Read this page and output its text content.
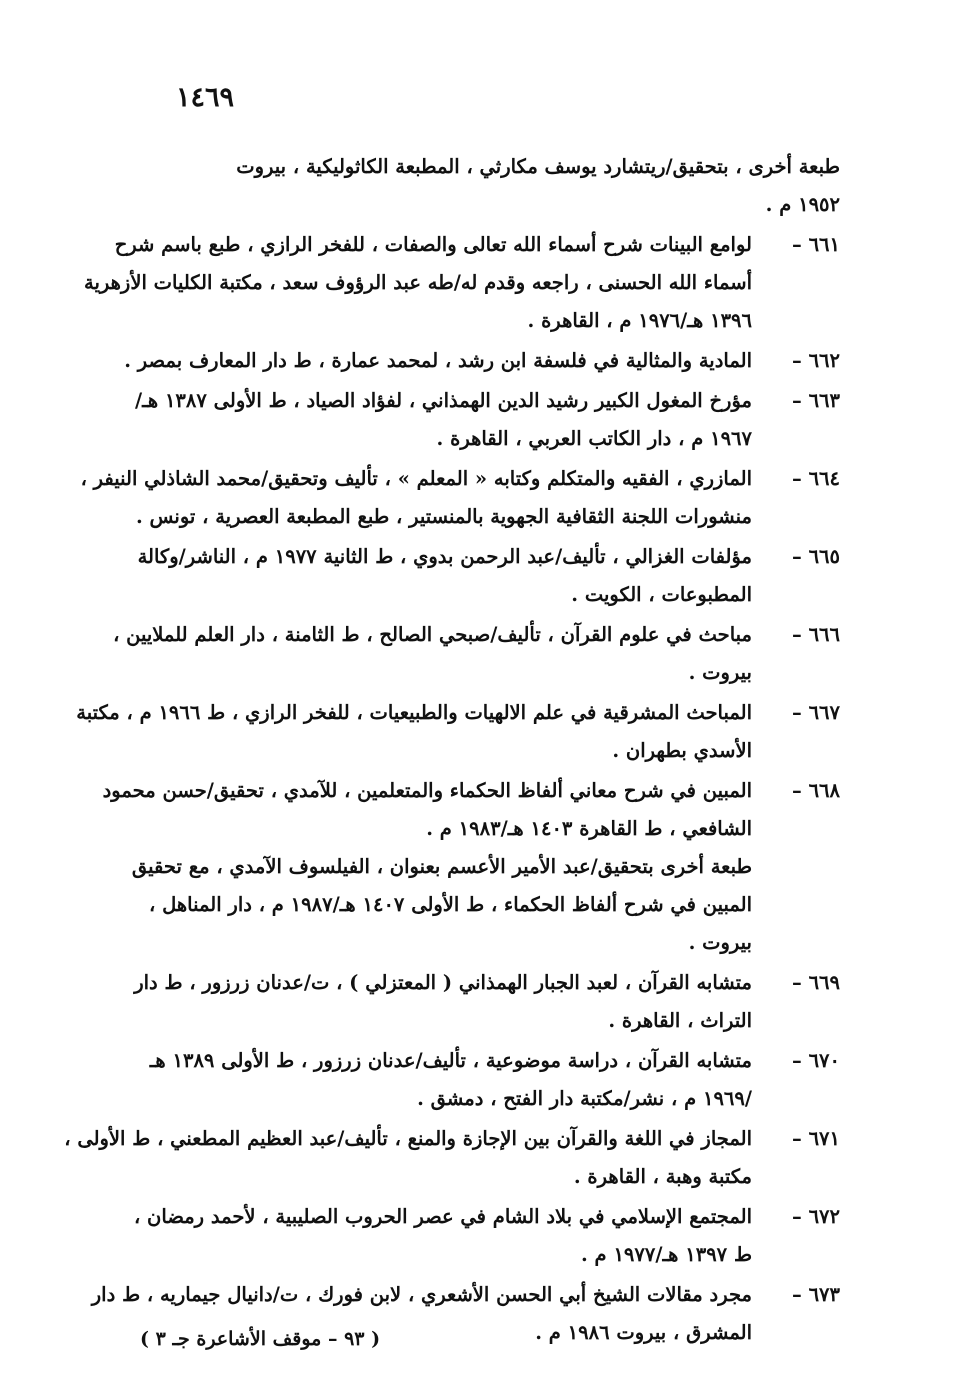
١٤٦٩
طبعة أخرى ، بتحقيق/ريتشارد يوسف مكارثي ، المطبعة الكاثوليكية ، بيروت
١٩٥٢ م .
٦٦١ –
لوامع البينات شرح أسماء الله تعالى والصفات ، للفخر الرازي ، طبع باسم شرح
أسماء الله الحسنى ، راجعه وقدم له/طه عبد الرؤوف سعد ، مكتبة الكليات الأزهرية
١٣٩٦ هـ/١٩٧٦ م ، القاهرة .
٦٦٢ –
المادية والمثالية في فلسفة ابن رشد ، لمحمد عمارة ، ط دار المعارف بمصر .
٦٦٣ –
مؤرخ المغول الكبير رشيد الدين الهمذاني ، لفؤاد الصياد ، ط الأولى ١٣٨٧ هـ/
١٩٦٧ م ، دار الكاتب العربي ، القاهرة .
٦٦٤ –
المازري ، الفقيه والمتكلم وكتابه « المعلم » ، تأليف وتحقيق/محمد الشاذلي النيفر ،
منشورات اللجنة الثقافية الجهوية بالمنستير ، طبع المطبعة العصرية ، تونس .
٦٦٥ –
مؤلفات الغزالي ، تأليف/عبد الرحمن بدوي ، ط الثانية ١٩٧٧ م ، الناشر/وكالة
المطبوعات ، الكويت .
٦٦٦ –
مباحث في علوم القرآن ، تأليف/صبحي الصالح ، ط الثامنة ، دار العلم للملايين ،
بيروت .
٦٦٧ –
المباحث المشرقية في علم الالهيات والطبيعيات ، للفخر الرازي ، ط ١٩٦٦ م ، مكتبة
الأسدي بطهران .
٦٦٨ –
المبين في شرح معاني ألفاظ الحكماء والمتعلمين ، للآمدي ، تحقيق/حسن محمود
الشافعي ، ط القاهرة ١٤٠٣ هـ/١٩٨٣ م .
طبعة أخرى بتحقيق/عبد الأمير الأعسم بعنوان ، الفيلسوف الآمدي ، مع تحقيق
المبين في شرح ألفاظ الحكماء ، ط الأولى ١٤٠٧ هـ/١٩٨٧ م ، دار المناهل ،
بيروت .
٦٦٩ –
متشابه القرآن ، لعبد الجبار الهمذاني ( المعتزلي ) ، ت/عدنان زرزور ، ط دار
التراث ، القاهرة .
٦٧٠ –
متشابه القرآن ، دراسة موضوعية ، تأليف/عدنان زرزور ، ط الأولى ١٣٨٩ هـ
/١٩٦٩ م ، نشر/مكتبة دار الفتح ، دمشق .
٦٧١ –
المجاز في اللغة والقرآن بين الإجازة والمنع ، تأليف/عبد العظيم المطعني ، ط الأولى ،
مكتبة وهبة ، القاهرة .
٦٧٢ –
المجتمع الإسلامي في بلاد الشام في عصر الحروب الصليبية ، لأحمد رمضان ،
ط ١٣٩٧ هـ/١٩٧٧ م .
٦٧٣ –
مجرد مقالات الشيخ أبي الحسن الأشعري ، لابن فورك ، ت/دانيال جيماريه ، ط دار
المشرق ، بيروت ١٩٨٦ م .
( ٩٣ – موقف الأشاعرة جـ ٣ )
